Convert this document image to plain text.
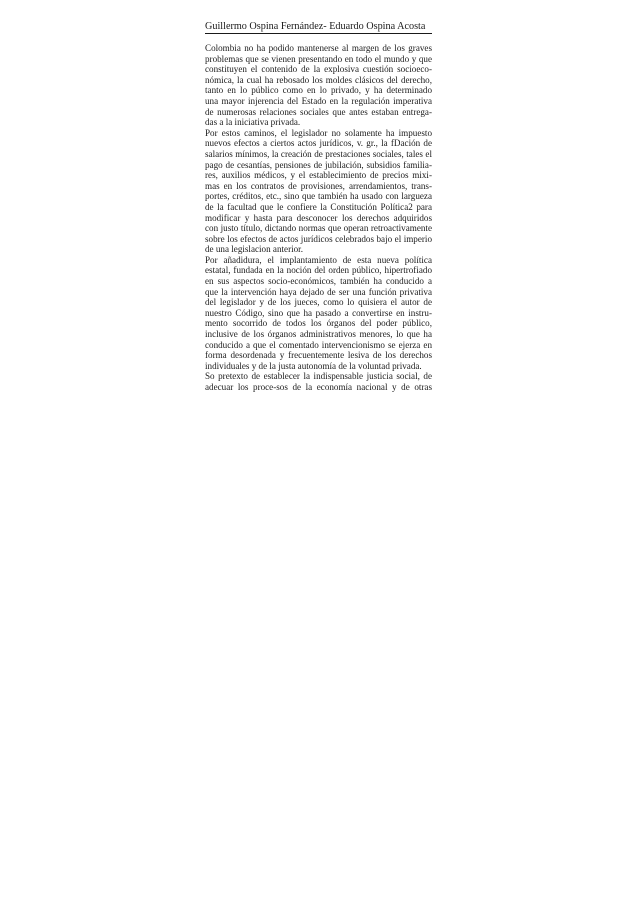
Guillermo Ospina Fernández- Eduardo Ospina Acosta
Colombia no ha podido mantenerse al margen de los graves
problemas que se vienen presentando en todo el mundo y que
constituyen el contenido de la explosiva cuestión socioeco-
nómica, la cual ha rebosado los moldes clásicos del derecho,
tanto en lo público como en lo privado, y ha determinado
una mayor injerencia del Estado en la regulación imperativa
de numerosas relaciones sociales que antes estaban entrega-
das a la iniciativa privada.
Por estos caminos, el legislador no solamente ha impuesto
nuevos efectos a ciertos actos jurídicos, v. gr., la fDación de
salarios mínimos, la creación de prestaciones sociales, tales el
pago de cesantías, pensiones de jubilación, subsidios familia-
res, auxilios médicos, y el establecimiento de precios mixi-
mas en los contratos de provisiones, arrendamientos, trans-
portes, créditos, etc., sino que también ha usado con largueza
de la facultad que le confiere la Constitución Política2 para
modificar y hasta para desconocer los derechos adquiridos
con justo título, dictando normas que operan retroactivamente
sobre los efectos de actos jurídicos celebrados bajo el imperio
de una legislacion anterior.
Por añadidura, el implantamiento de esta nueva política
estatal, fundada en la noción del orden público, hipertrofiado
en sus aspectos socio-económicos, también ha conducido a
que la intervención haya dejado de ser una función privativa
del legislador y de los jueces, como lo quisiera el autor de
nuestro Código, sino que ha pasado a convertirse en instru-
mento socorrido de todos los órganos del poder público,
inclusive de los órganos administrativos menores, lo que ha
conducido a que el comentado intervencionismo se ejerza en
forma desordenada y frecuentemente lesiva de los derechos
individuales y de la justa autonomía de la voluntad privada.
So pretexto de establecer la indispensable justicia social, de
adecuar los proce-sos de la economía nacional y de otras
